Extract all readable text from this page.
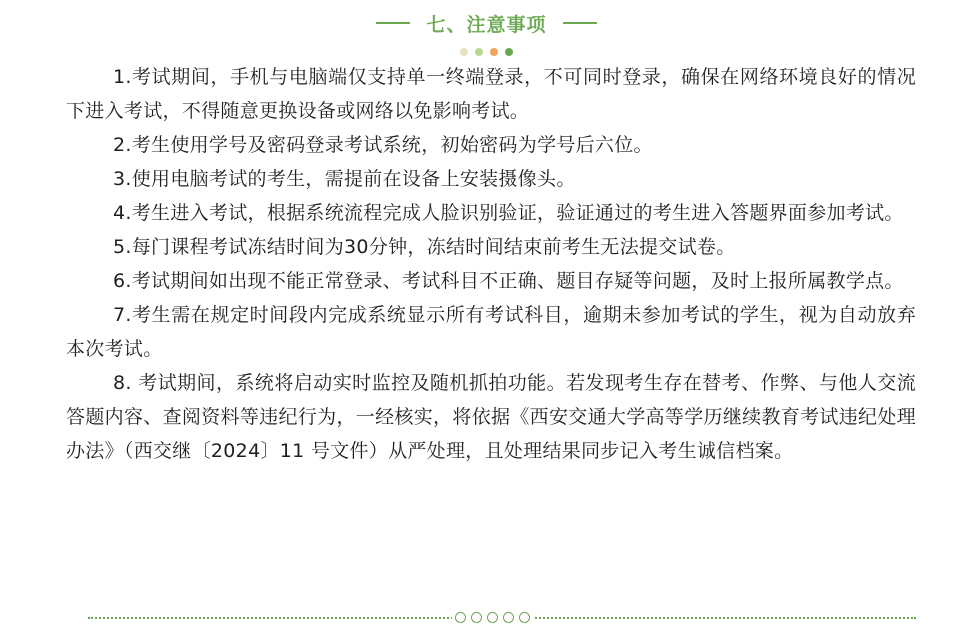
七、注意事项

1.考试期间，手机与电脑端仅支持单一终端登录，不可同时登录，确保在网络环境良好的情况下进入考试，不得随意更换设备或网络以免影响考试。

2.考生使用学号及密码登录考试系统，初始密码为学号后六位。

3.使用电脑考试的考生，需提前在设备上安装摄像头。

4.考生进入考试，根据系统流程完成人脸识别验证，验证通过的考生进入答题界面参加考试。

5.每门课程考试冻结时间为30分钟，冻结时间结束前考生无法提交试卷。

6.考试期间如出现不能正常登录、考试科目不正确、题目存疑等问题，及时上报所属教学点。

7.考生需在规定时间段内完成系统显示所有考试科目，逾期未参加考试的学生，视为自动放弃本次考试。

8. 考试期间，系统将启动实时监控及随机抓拍功能。若发现考生存在替考、作弊、与他人交流答题内容、查阅资料等违纪行为，一经核实，将依据《西安交通大学高等学历继续教育考试违纪处理办法》（西交继〔2024〕11 号文件）从严处理，且处理结果同步记入考生诚信档案。
